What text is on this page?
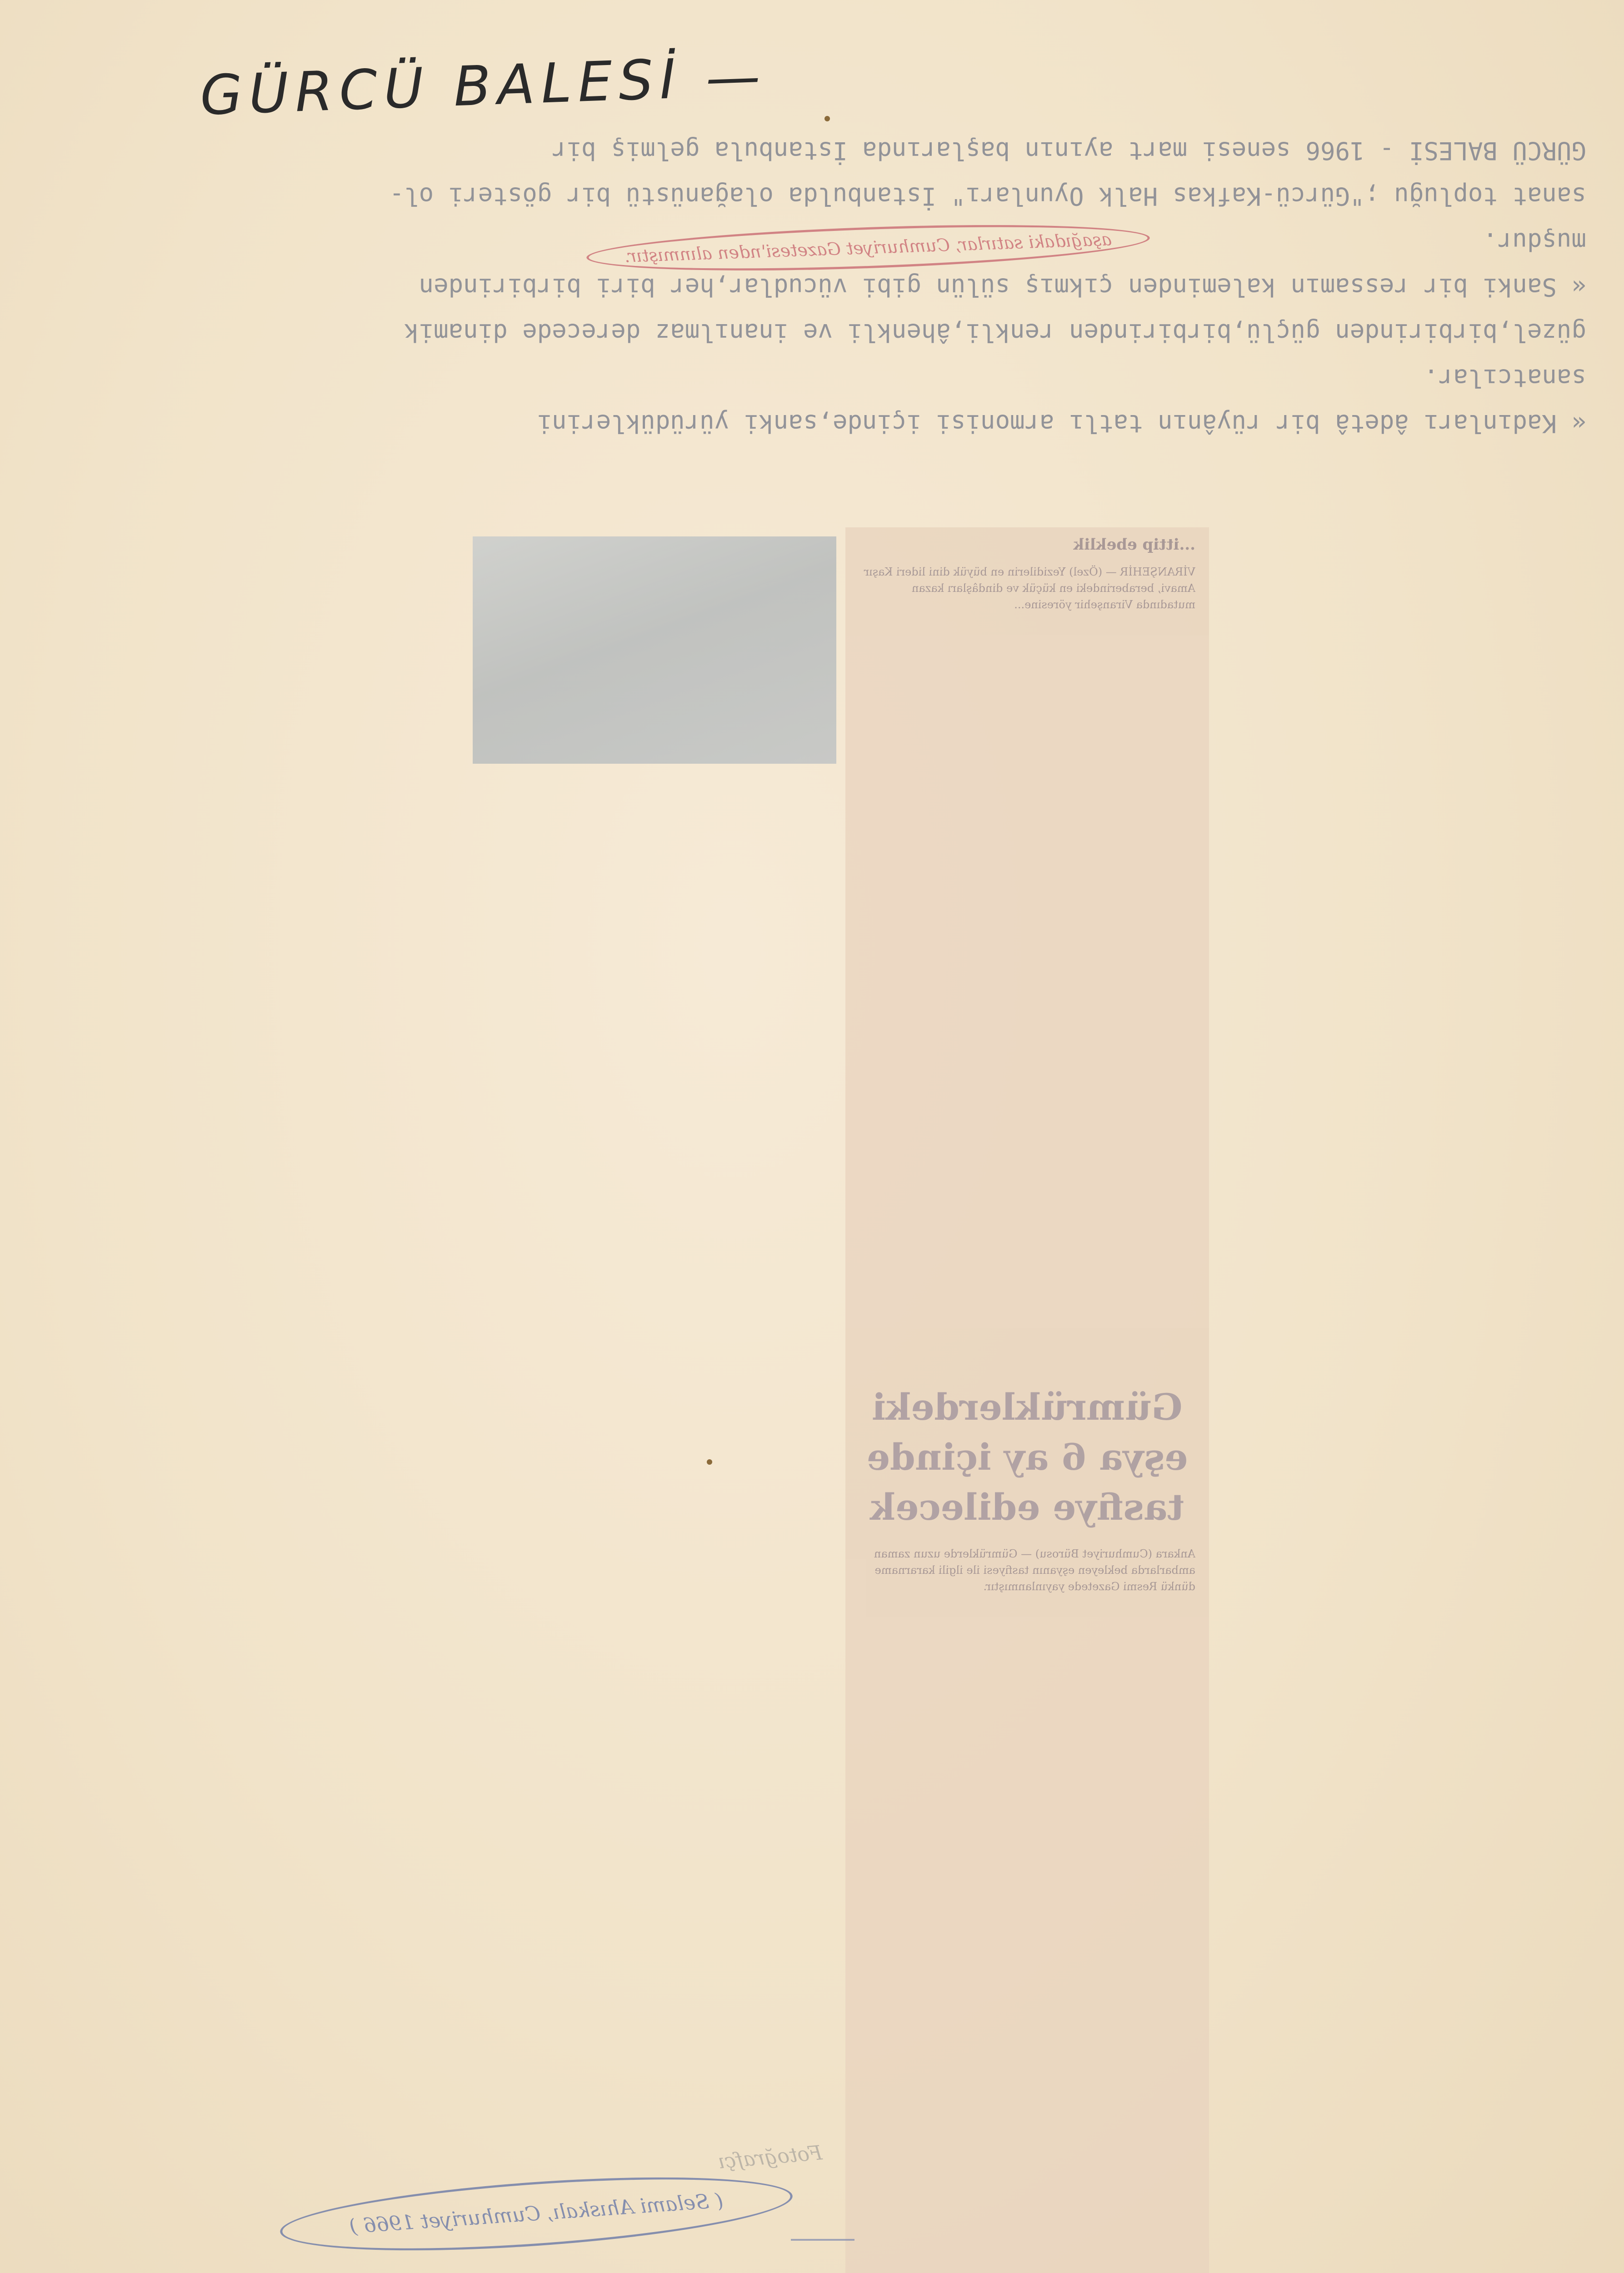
GÜRCÜ BALESİ —
GÜRCÜ BALESİ - 1966 senesi mart ayının başlarında İstanbula gelmiş bir
sanat topluğu ;"Gürcü-Kafkas Halk Oyunları" İstanbulda olağanüstü bir gösteri ol-
muşdur.
« Sanki bir ressamın kaleminden çıkmış sülün gibi vücudlar,her biri birbirinden
güzel,birbirinden güçlü,birbirinden renkli,âhenkli ve inanılmaz derecede dinamik
sanatcılar.
« Kadınları âdetâ bir rüyânın tatlı armonisi içinde,sanki yürüdüklerini
aşağıdaki satırlar, Cumhuriyet Gazetesi'nden alınmıştır.
...ittip ebeklik
VİRANŞEHİR — (Özel) Yezidilerin en büyük dini lideri Kaşır Amavi, beraberindeki en küçük ve dindâşları kazan mutadında Viranşehir yöresine...
Gümrüklerdeki eşya 6 ay içinde tasfiye edilecek
Ankara (Cumhuriyet Bürosu) — Gümrüklerde uzun zaman ambarlarda bekleyen eşyanın tasfiyesi ile ilgili kararname dünkü Resmi Gazetede yayınlanmıştır.
Fotoğrafçı
( Selami Ahıskalı, Cumhuriyet 1966 )
